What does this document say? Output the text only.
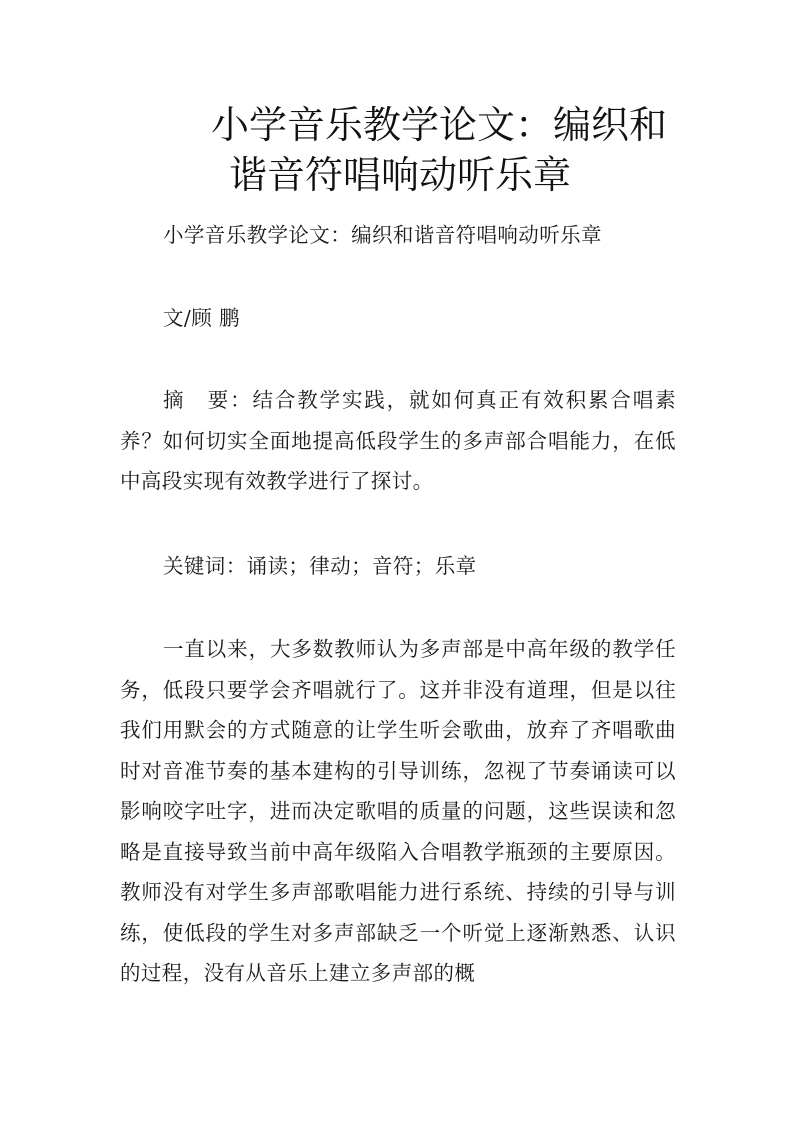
小学音乐教学论文：编织和
谐音符唱响动听乐章

小学音乐教学论文：编织和谐音符唱响动听乐章

文/顾 鹏

摘　要：结合教学实践，就如何真正有效积累合唱素养？如何切实全面地提高低段学生的多声部合唱能力，在低中高段实现有效教学进行了探讨。

关键词：诵读；律动；音符；乐章

一直以来，大多数教师认为多声部是中高年级的教学任务，低段只要学会齐唱就行了。这并非没有道理，但是以往我们用默会的方式随意的让学生听会歌曲，放弃了齐唱歌曲时对音准节奏的基本建构的引导训练，忽视了节奏诵读可以影响咬字吐字，进而决定歌唱的质量的问题，这些误读和忽略是直接导致当前中高年级陷入合唱教学瓶颈的主要原因。教师没有对学生多声部歌唱能力进行系统、持续的引导与训练，使低段的学生对多声部缺乏一个听觉上逐渐熟悉、认识的过程，没有从音乐上建立多声部的概
